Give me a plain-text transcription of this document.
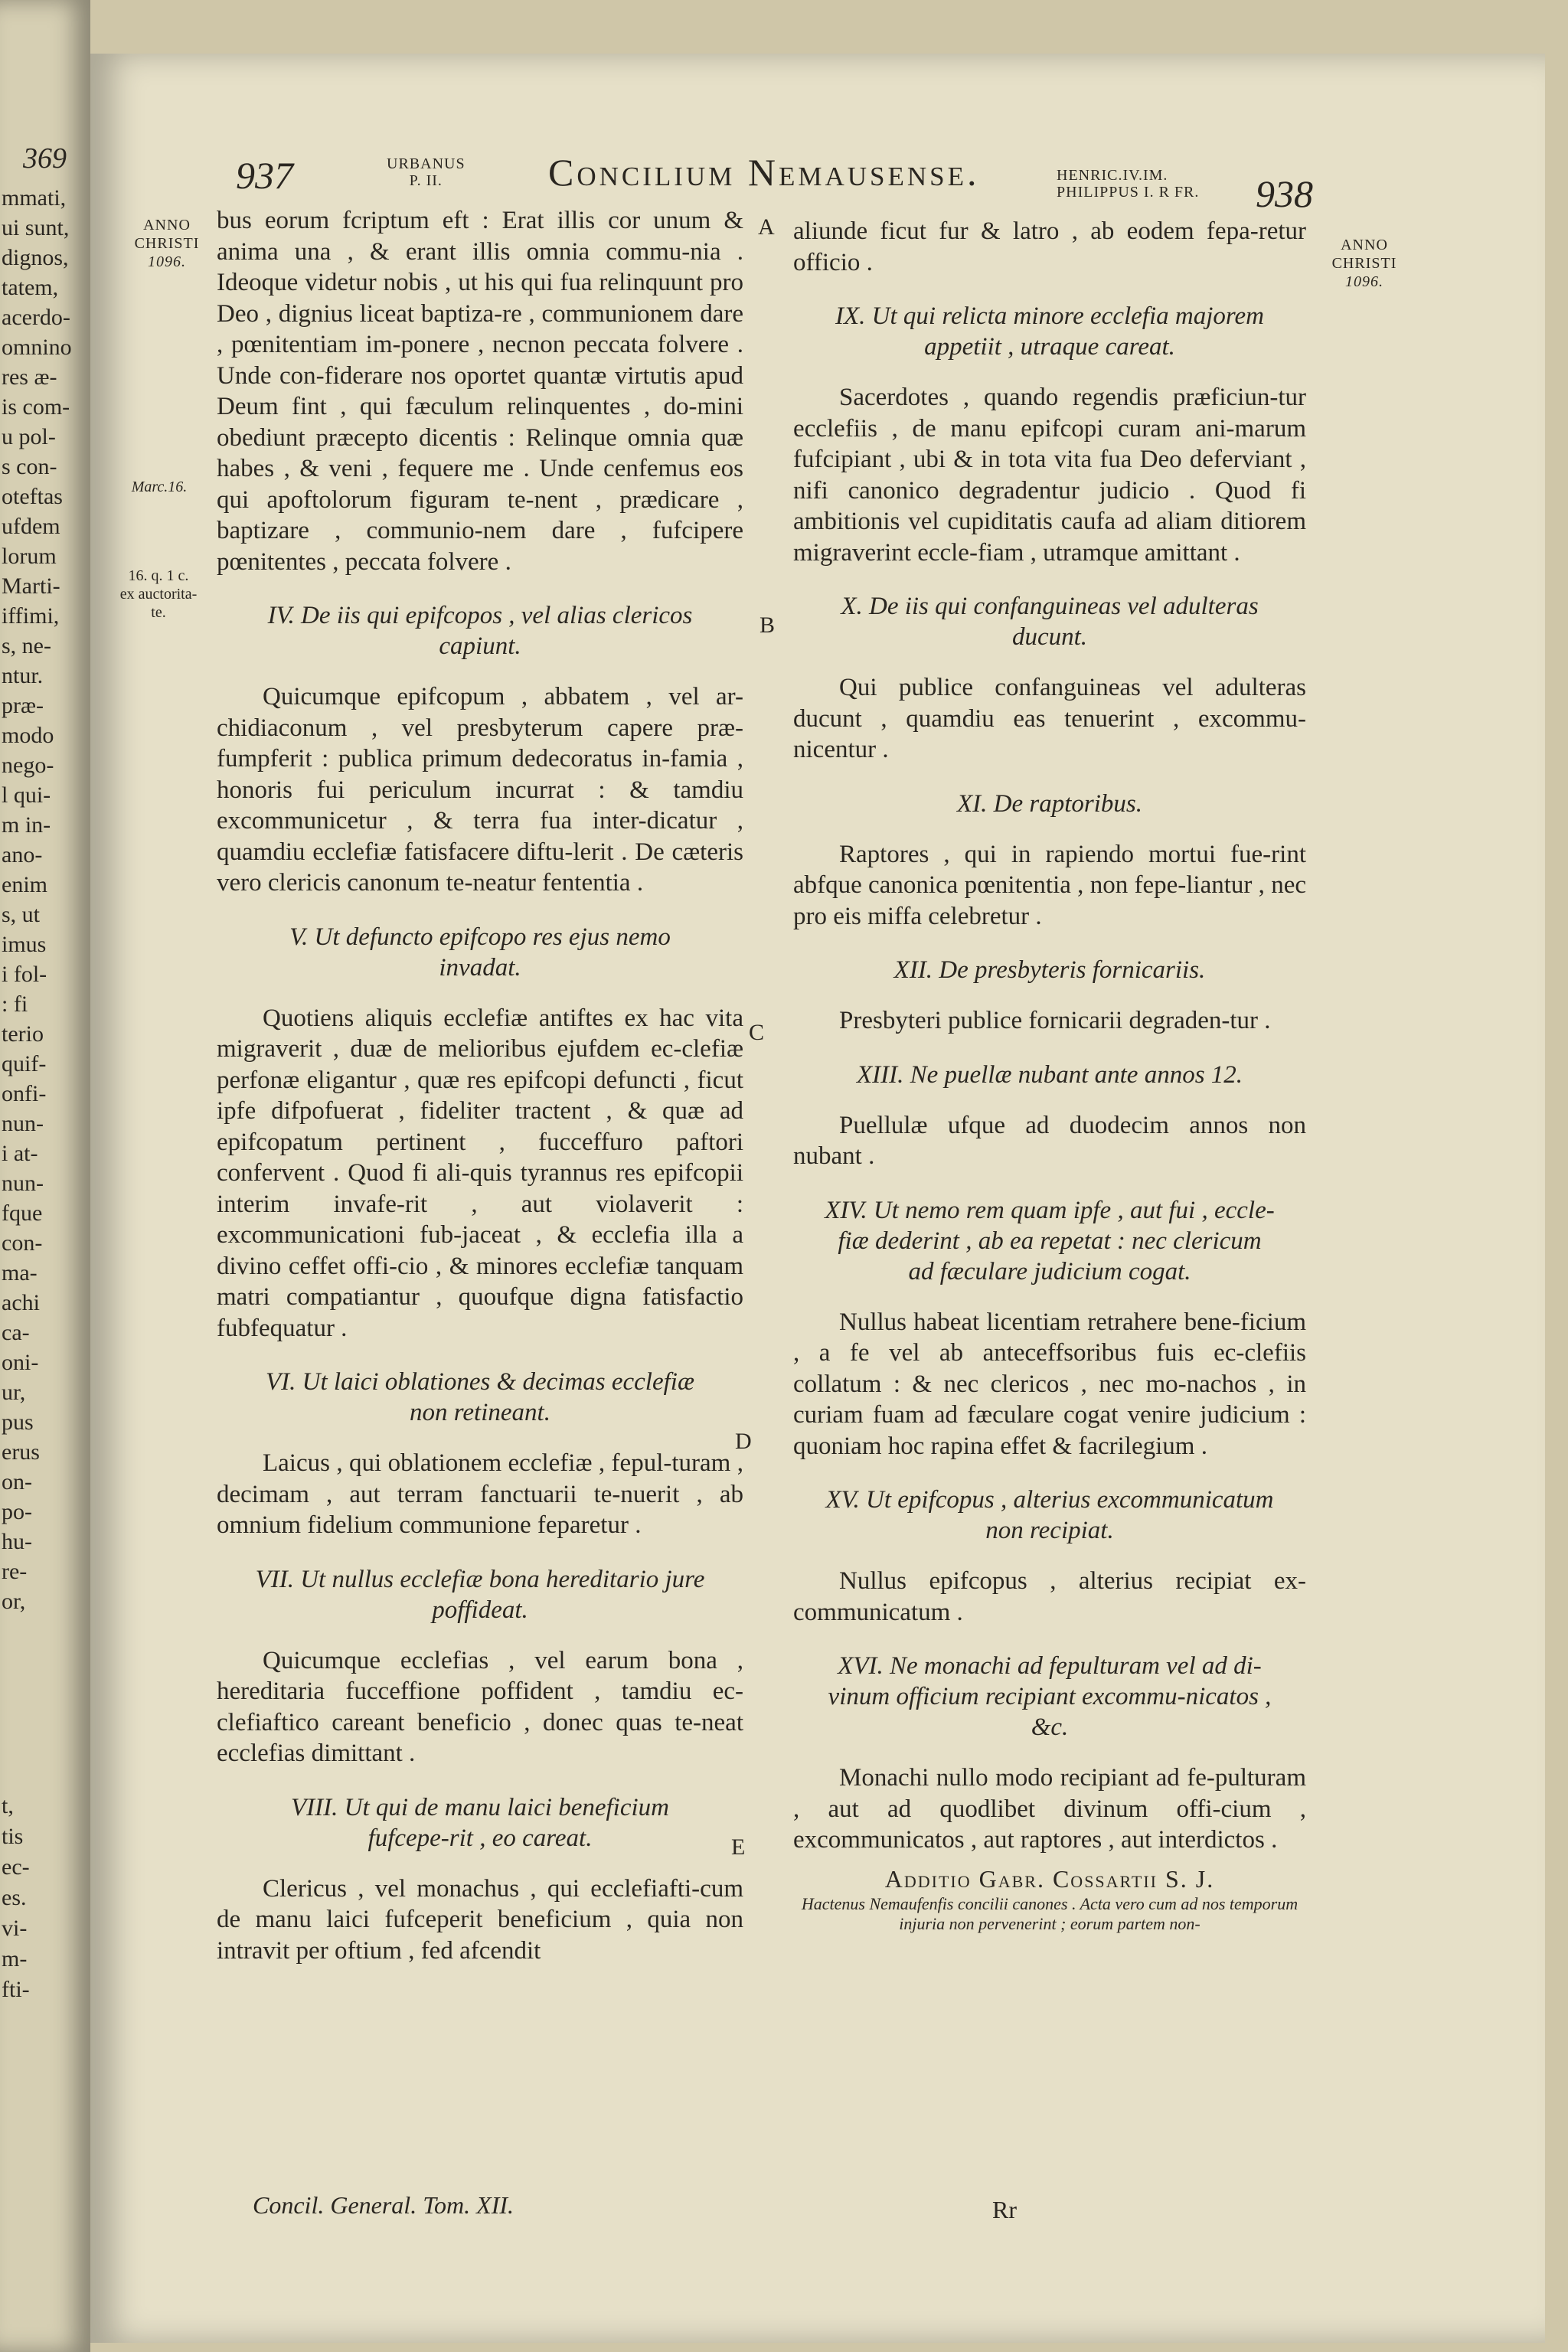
369
mmati,
ui sunt,
dignos,
tatem,
acerdo-
omnino
res æ-
is com-
u pol-
s con-
oteftas
ufdem
lorum
Marti-
iffimi,
s, ne-
ntur.
præ-
modo
nego-
l qui-
m in-
ano-
enim
s, ut
imus
i fol-
: fi
terio
quif-
onfi-
nun-
i at-
nun-
fque
con-
ma-
achi
ca-
oni-
ur,
pus
erus
on-
po-
hu-
re-
or,
t,
tis
ec-
es.
vi-
m-
fti-
937	URBANUS
P. II.	Concilium Nemausense.	HENRIC.IV.IM.
PHILIPPUS I. R FR. 938
ANNO
CHRISTI
1096.
ANNO
CHRISTI
1096.
Marc.16.
16. q. 1 c.
ex auctorita-
te.
A
B
C
D
E

bus eorum fcriptum eft : Erat illis cor unum & anima una , & erant illis omnia commu-nia . Ideoque videtur nobis , ut his qui fua relinquunt pro Deo , dignius liceat baptiza-re , communionem dare , pœnitentiam im-ponere , necnon peccata folvere . Unde con-fiderare nos oportet quantæ virtutis apud Deum fint , qui fæculum relinquentes , do-mini obediunt præcepto dicentis : Relinque omnia quæ habes , & veni , fequere me . Unde cenfemus eos qui apoftolorum figuram te-nent , prædicare , baptizare , communio-nem dare , fufcipere pœnitentes , peccata folvere .

IV. De iis qui epifcopos , vel alias clericos capiunt.

Quicumque epifcopum , abbatem , vel ar-chidiaconum , vel presbyterum capere præ-fumpferit : publica primum dedecoratus in-famia , honoris fui periculum incurrat : & tamdiu excommunicetur , & terra fua inter-dicatur , quamdiu ecclefiæ fatisfacere diftu-lerit . De cæteris vero clericis canonum te-neatur fententia .

V. Ut defuncto epifcopo res ejus nemo invadat.

Quotiens aliquis ecclefiæ antiftes ex hac vita migraverit , duæ de melioribus ejufdem ec-clefiæ perfonæ eligantur , quæ res epifcopi defuncti , ficut ipfe difpofuerat , fideliter tractent , & quæ ad epifcopatum pertinent , fucceffuro paftori confervent . Quod fi ali-quis tyrannus res epifcopii interim invafe-rit , aut violaverit : excommunicationi fub-jaceat , & ecclefia illa a divino ceffet offi-cio , & minores ecclefiæ tanquam matri compatiantur , quoufque digna fatisfactio fubfequatur .

VI. Ut laici oblationes & decimas ecclefiæ non retineant.

Laicus , qui oblationem ecclefiæ , fepul-turam , decimam , aut terram fanctuarii te-nuerit , ab omnium fidelium communione feparetur .

VII. Ut nullus ecclefiæ bona hereditario jure poffideat.

Quicumque ecclefias , vel earum bona , hereditaria fucceffione poffident , tamdiu ec-clefiaftico careant beneficio , donec quas te-neat ecclefias dimittant .

VIII. Ut qui de manu laici beneficium fufcepe-rit , eo careat.

Clericus , vel monachus , qui ecclefiafti-cum de manu laici fufceperit beneficium , quia non intravit per oftium , fed afcendit

aliunde ficut fur & latro , ab eodem fepa-retur officio .

IX. Ut qui relicta minore ecclefia majorem appetiit , utraque careat.

Sacerdotes , quando regendis præficiun-tur ecclefiis , de manu epifcopi curam ani-marum fufcipiant , ubi & in tota vita fua Deo deferviant , nifi canonico degradentur judicio . Quod fi ambitionis vel cupiditatis caufa ad aliam ditiorem migraverint eccle-fiam , utramque amittant .

X. De iis qui confanguineas vel adulteras ducunt.

Qui publice confanguineas vel adulteras ducunt , quamdiu eas tenuerint , excommu-nicentur .

XI. De raptoribus.

Raptores , qui in rapiendo mortui fue-rint abfque canonica pœnitentia , non fepe-liantur , nec pro eis miffa celebretur .

XII. De presbyteris fornicariis.

Presbyteri publice fornicarii degraden-tur .

XIII. Ne puellæ nubant ante annos 12.

Puellulæ ufque ad duodecim annos non nubant .

XIV. Ut nemo rem quam ipfe , aut fui , eccle-fiæ dederint , ab ea repetat : nec clericum ad fæculare judicium cogat.

Nullus habeat licentiam retrahere bene-ficium , a fe vel ab anteceffsoribus fuis ec-clefiis collatum : & nec clericos , nec mo-nachos , in curiam fuam ad fæculare cogat venire judicium : quoniam hoc rapina effet & facrilegium .

XV. Ut epifcopus , alterius excommunicatum non recipiat.

Nullus epifcopus , alterius recipiat ex-communicatum .

XVI. Ne monachi ad fepulturam vel ad di-vinum officium recipiant excommu-nicatos , &c.

Monachi nullo modo recipiant ad fe-pulturam , aut ad quodlibet divinum offi-cium , excommunicatos , aut raptores , aut interdictos .

Additio Gabr. Cossartii S. J.

Hactenus Nemaufenfis concilii canones . Acta vero cum ad nos temporum injuria non pervenerint ; eorum partem non-

Concil. General. Tom. XII.	Rr
